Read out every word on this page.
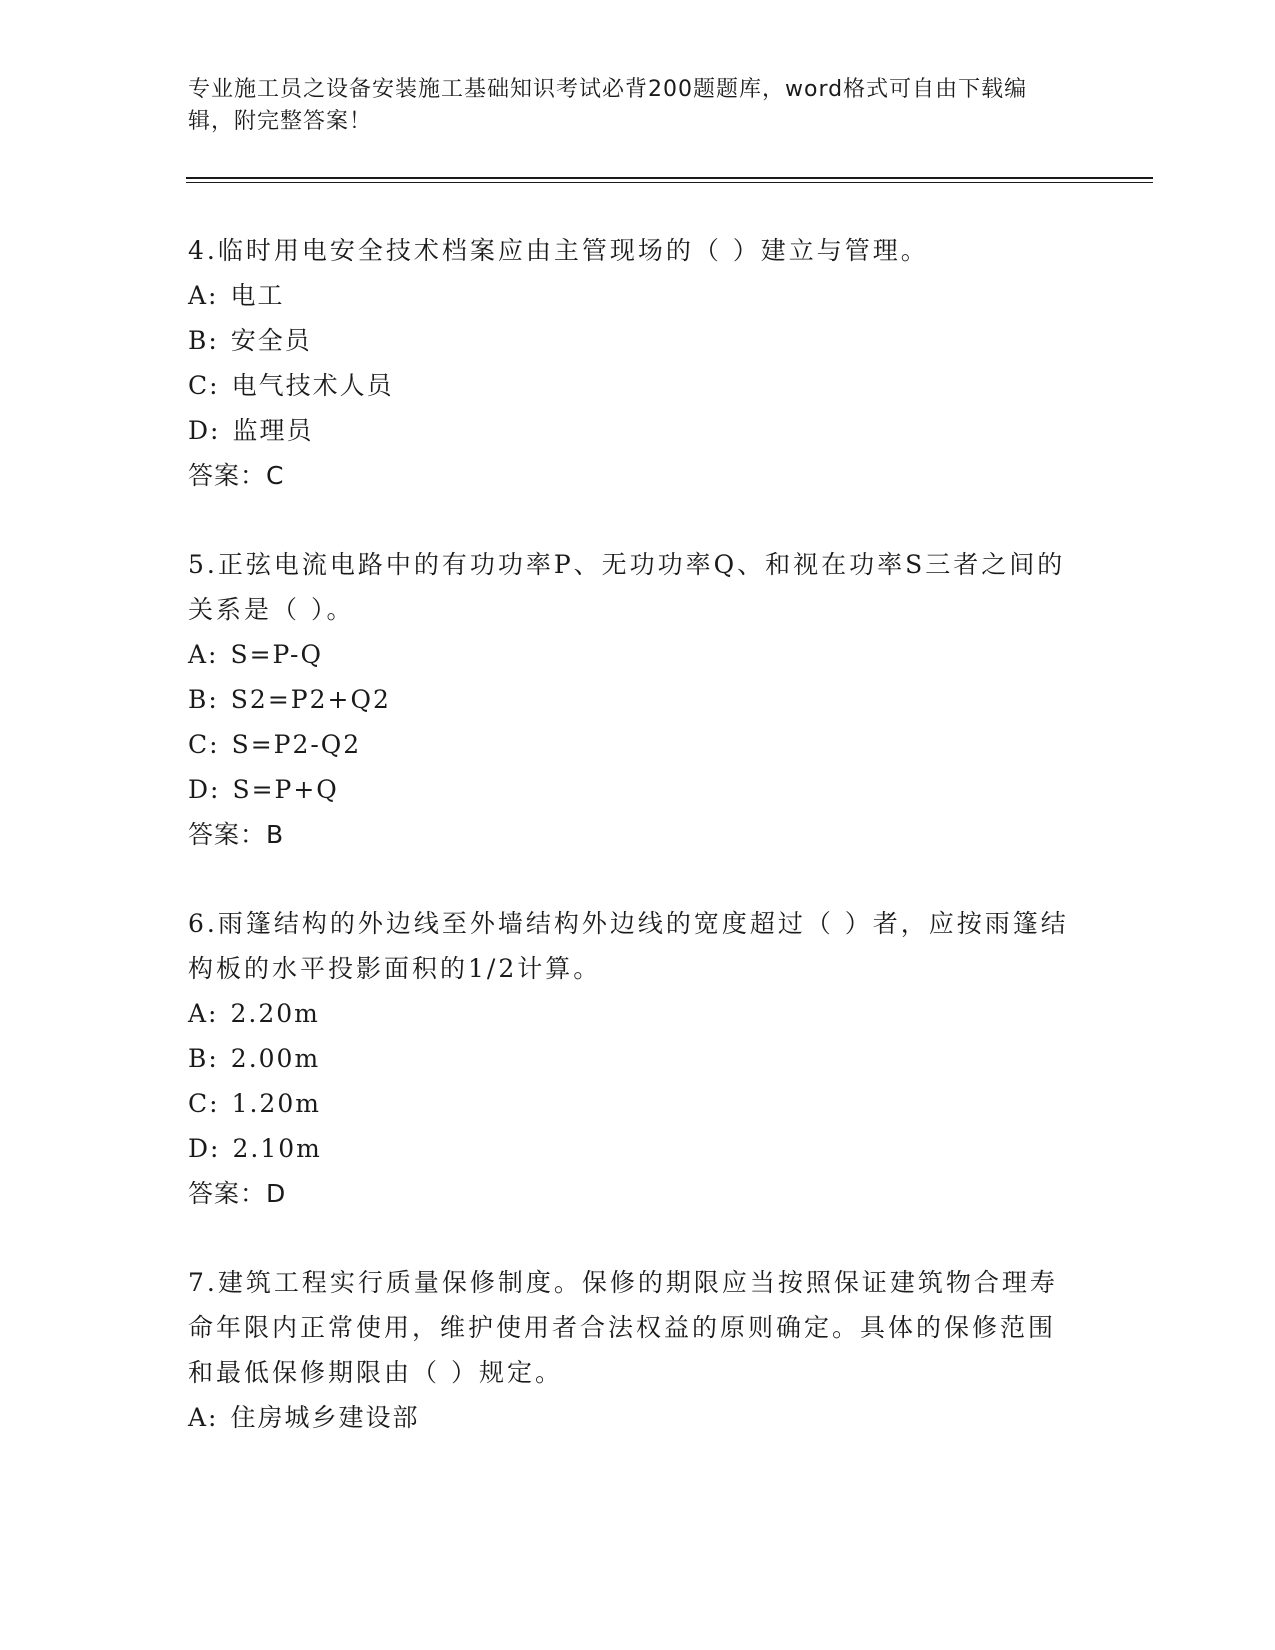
专业施工员之设备安装施工基础知识考试必背200题题库，word格式可自由下载编辑，附完整答案！

4.临时用电安全技术档案应由主管现场的（ ）建立与管理。

A: 电工

B: 安全员

C: 电气技术人员

D: 监理员

答案：C

5.正弦电流电路中的有功功率P、无功功率Q、和视在功率S三者之间的关系是（ ）。

A: S=P-Q

B: S2=P2+Q2

C: S=P2-Q2

D: S=P+Q

答案：B

6.雨篷结构的外边线至外墙结构外边线的宽度超过（ ）者，应按雨篷结构板的水平投影面积的1/2计算。

A: 2.20m

B: 2.00m

C: 1.20m

D: 2.10m

答案：D

7.建筑工程实行质量保修制度。保修的期限应当按照保证建筑物合理寿命年限内正常使用，维护使用者合法权益的原则确定。具体的保修范围和最低保修期限由（ ）规定。

A: 住房城乡建设部
